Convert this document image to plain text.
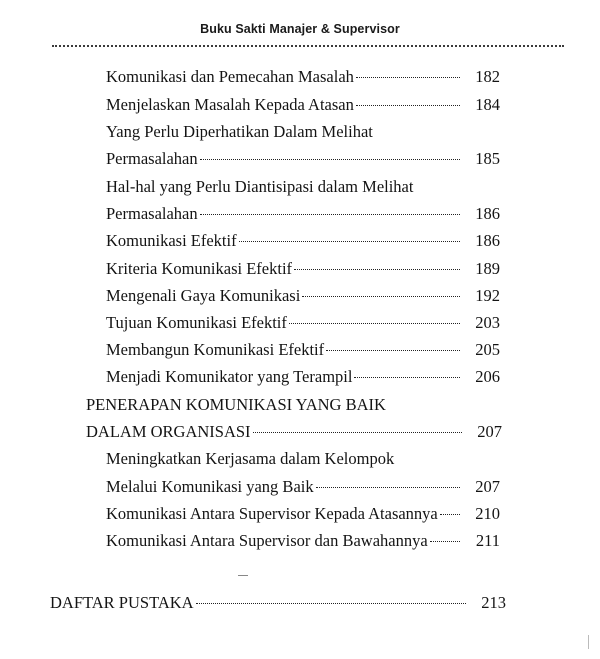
Buku Sakti Manajer & Supervisor
Komunikasi dan Pemecahan Masalah	182
Menjelaskan Masalah Kepada Atasan	184
Yang Perlu Diperhatikan Dalam Melihat
Permasalahan	185
Hal-hal yang Perlu Diantisipasi dalam Melihat
Permasalahan	186
Komunikasi Efektif	186
Kriteria Komunikasi Efektif	189
Mengenali Gaya Komunikasi	192
Tujuan Komunikasi Efektif	203
Membangun Komunikasi Efektif	205
Menjadi Komunikator yang Terampil	206
PENERAPAN KOMUNIKASI YANG BAIK
DALAM ORGANISASI	207
Meningkatkan Kerjasama dalam Kelompok
Melalui Komunikasi yang Baik	207
Komunikasi Antara Supervisor Kepada Atasannya	210
Komunikasi Antara Supervisor dan Bawahannya	211
DAFTAR PUSTAKA	213
